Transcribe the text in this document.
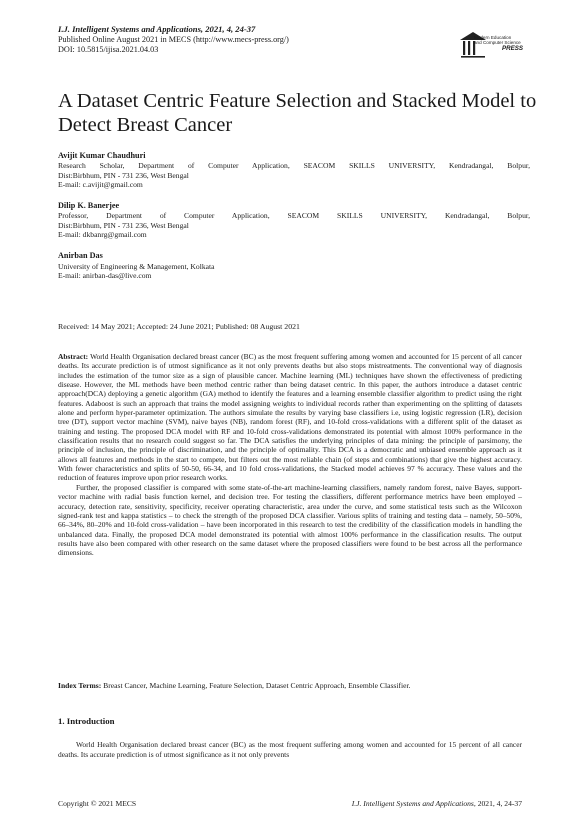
I.J. Intelligent Systems and Applications, 2021, 4, 24-37
Published Online August 2021 in MECS (http://www.mecs-press.org/)
DOI: 10.5815/ijisa.2021.04.03
Modern Education
and Computer Science
PRESS
A Dataset Centric Feature Selection and Stacked Model to Detect Breast Cancer
Avijit Kumar Chaudhuri
Research Scholar, Department of Computer Application, SEACOM SKILLS UNIVERSITY, Kendradangal, Bolpur,
Dist:Birbhum, PIN - 731 236, West Bengal
E-mail: c.avijit@gmail.com
Dilip K. Banerjee
Professor, Department of Computer Application, SEACOM SKILLS UNIVERSITY, Kendradangal, Bolpur,
Dist:Birbhum, PIN - 731 236, West Bengal
E-mail: dkbanrg@gmail.com
Anirban Das
University of Engineering & Management, Kolkata
E-mail: anirban-das@live.com
Received: 14 May 2021; Accepted: 24 June 2021; Published: 08 August 2021

Abstract: World Health Organisation declared breast cancer (BC) as the most frequent suffering among women and accounted for 15 percent of all cancer deaths. Its accurate prediction is of utmost significance as it not only prevents deaths but also stops mistreatments. The conventional way of diagnosis includes the estimation of the tumor size as a sign of plausible cancer. Machine learning (ML) techniques have shown the effectiveness of predicting disease. However, the ML methods have been method centric rather than being dataset centric. In this paper, the authors introduce a dataset centric approach(DCA) deploying a genetic algorithm (GA) method to identify the features and a learning ensemble classifier algorithm to predict using the right features. Adaboost is such an approach that trains the model assigning weights to individual records rather than experimenting on the splitting of datasets alone and perform hyper-parameter optimization. The authors simulate the results by varying base classifiers i.e, using logistic regression (LR), decision tree (DT), support vector machine (SVM), naive bayes (NB), random forest (RF), and 10-fold cross-validations with a different split of the dataset as training and testing. The proposed DCA model with RF and 10-fold cross-validations demonstrated its potential with almost 100% performance in the classification results that no research could suggest so far. The DCA satisfies the underlying principles of data mining: the principle of parsimony, the principle of inclusion, the principle of discrimination, and the principle of optimality. This DCA is a democratic and unbiased ensemble approach as it allows all features and methods in the start to compete, but filters out the most reliable chain (of steps and combinations) that give the highest accuracy. With fewer characteristics and splits of 50-50, 66-34, and 10 fold cross-validations, the Stacked model achieves 97 % accuracy. These values and the reduction of features improve upon prior research works.

Further, the proposed classifier is compared with some state-of-the-art machine-learning classifiers, namely random forest, naive Bayes, support-vector machine with radial basis function kernel, and decision tree. For testing the classifiers, different performance metrics have been employed – accuracy, detection rate, sensitivity, specificity, receiver operating characteristic, area under the curve, and some statistical tests such as the Wilcoxon signed-rank test and kappa statistics – to check the strength of the proposed DCA classifier. Various splits of training and testing data – namely, 50–50%, 66–34%, 80–20% and 10-fold cross-validation – have been incorporated in this research to test the credibility of the classification models in handling the unbalanced data. Finally, the proposed DCA model demonstrated its potential with almost 100% performance in the classification results. The output results have also been compared with other research on the same dataset where the proposed classifiers were found to be best across all the performance dimensions.

Index Terms: Breast Cancer, Machine Learning, Feature Selection, Dataset Centric Approach, Ensemble Classifier.
1. Introduction

World Health Organisation declared breast cancer (BC) as the most frequent suffering among women and accounted for 15 percent of all cancer deaths. Its accurate prediction is of utmost significance as it not only prevents

Copyright © 2021 MECS	I.J. Intelligent Systems and Applications, 2021, 4, 24-37
